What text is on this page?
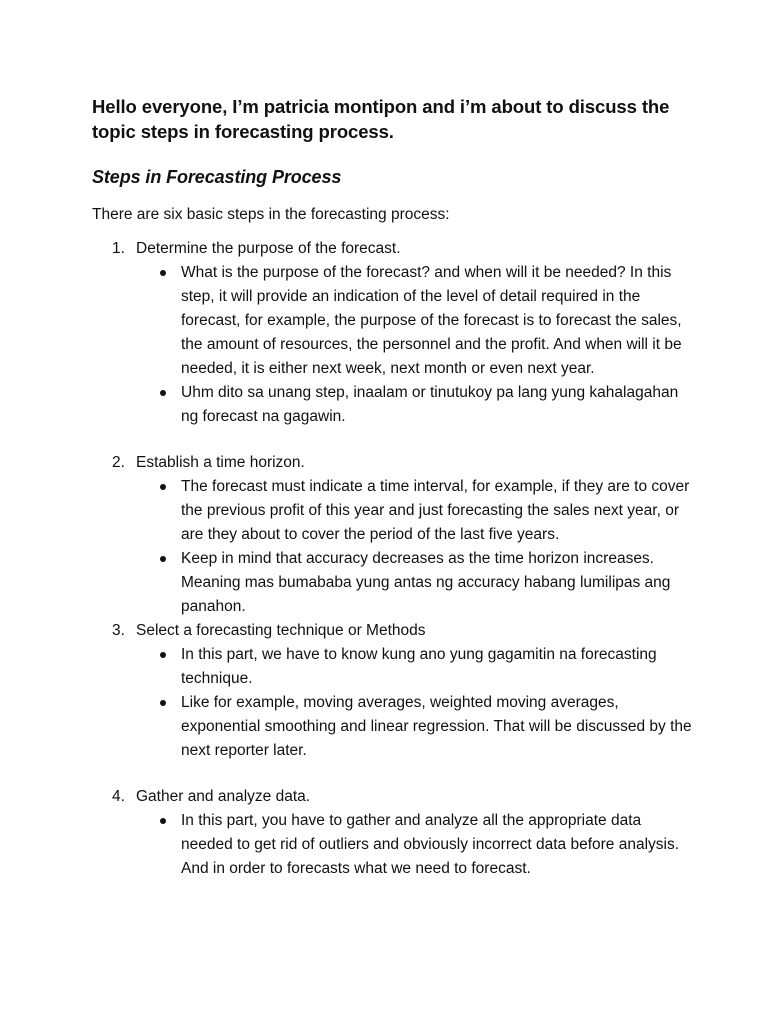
Hello everyone, I’m patricia montipon and i’m about to discuss the topic steps in forecasting process.

Steps in Forecasting Process

There are six basic steps in the forecasting process:

1. Determine the purpose of the forecast.
What is the purpose of the forecast? and when will it be needed? In this step, it will provide an indication of the level of detail required in the forecast, for example, the purpose of the forecast is to forecast the sales, the amount of resources, the personnel and the profit. And when will it be needed, it is either next week, next month or even next year.
Uhm dito sa unang step, inaalam or tinutukoy pa lang yung kahalagahan ng forecast na gagawin.
2. Establish a time horizon.
The forecast must indicate a time interval, for example, if they are to cover the previous profit of this year and just forecasting the sales next year, or are they about to cover the period of the last five years.
Keep in mind that accuracy decreases as the time horizon increases. Meaning mas bumababa yung antas ng accuracy habang lumilipas ang panahon.
3. Select a forecasting technique or Methods
In this part, we have to know kung ano yung gagamitin na forecasting technique.
Like for example, moving averages, weighted moving averages, exponential smoothing and linear regression. That will be discussed by the next reporter later.
4. Gather and analyze data.
In this part, you have to gather and analyze all the appropriate data needed to get rid of outliers and obviously incorrect data before analysis. And in order to forecasts what we need to forecast.
